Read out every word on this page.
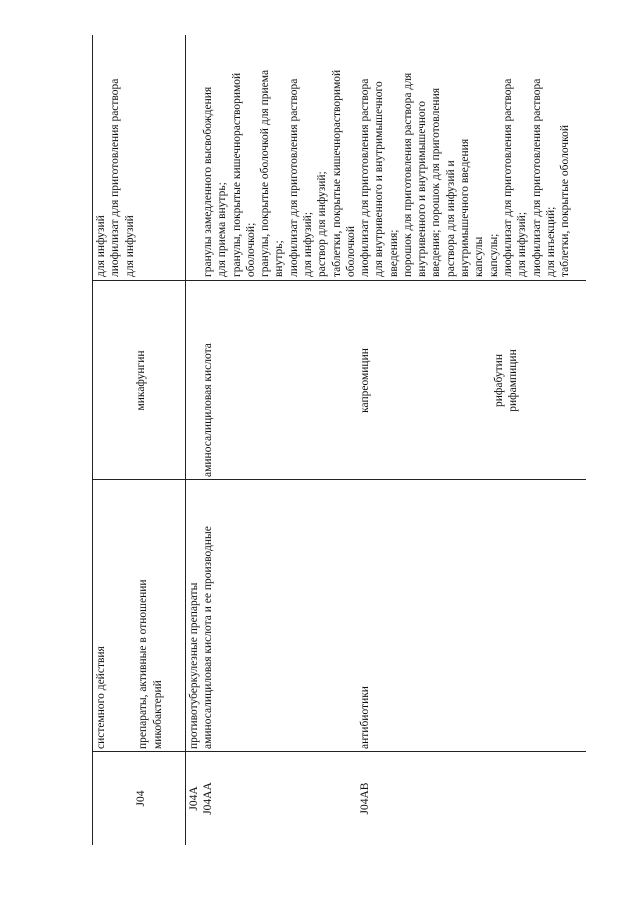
для инфузий лиофилизат для приготовления раствора для инфузий
системного действия	препараты, активные в отношении микобактерий
J04
микафунгин
J04A J04AA
противотуберкулезные препараты аминосалициловая кислота и ее производные
аминосалициловая кислота
гранулы замедленного высвобождения для приема внутрь; гранулы, покрытые кишечнорастворимой оболочкой; гранулы, покрытые оболочкой для приема внутрь; лиофилизат для приготовления раствора для инфузий; раствор для инфузий; таблетки, покрытые кишечнорастворимой оболочкой
J04AB
антибиотики
капреомицин	рифабутин рифампицин
лиофилизат для приготовления раствора для внутривенного и внутримышечного введения; порошок для приготовления раствора для внутривенного и внутримышечного введения; порошок для приготовления раствора для инфузий и внутримышечного введения капсулы капсулы; лиофилизат для приготовления раствора для инфузий; лиофилизат для приготовления раствора для инъекций; таблетки, покрытые оболочкой
